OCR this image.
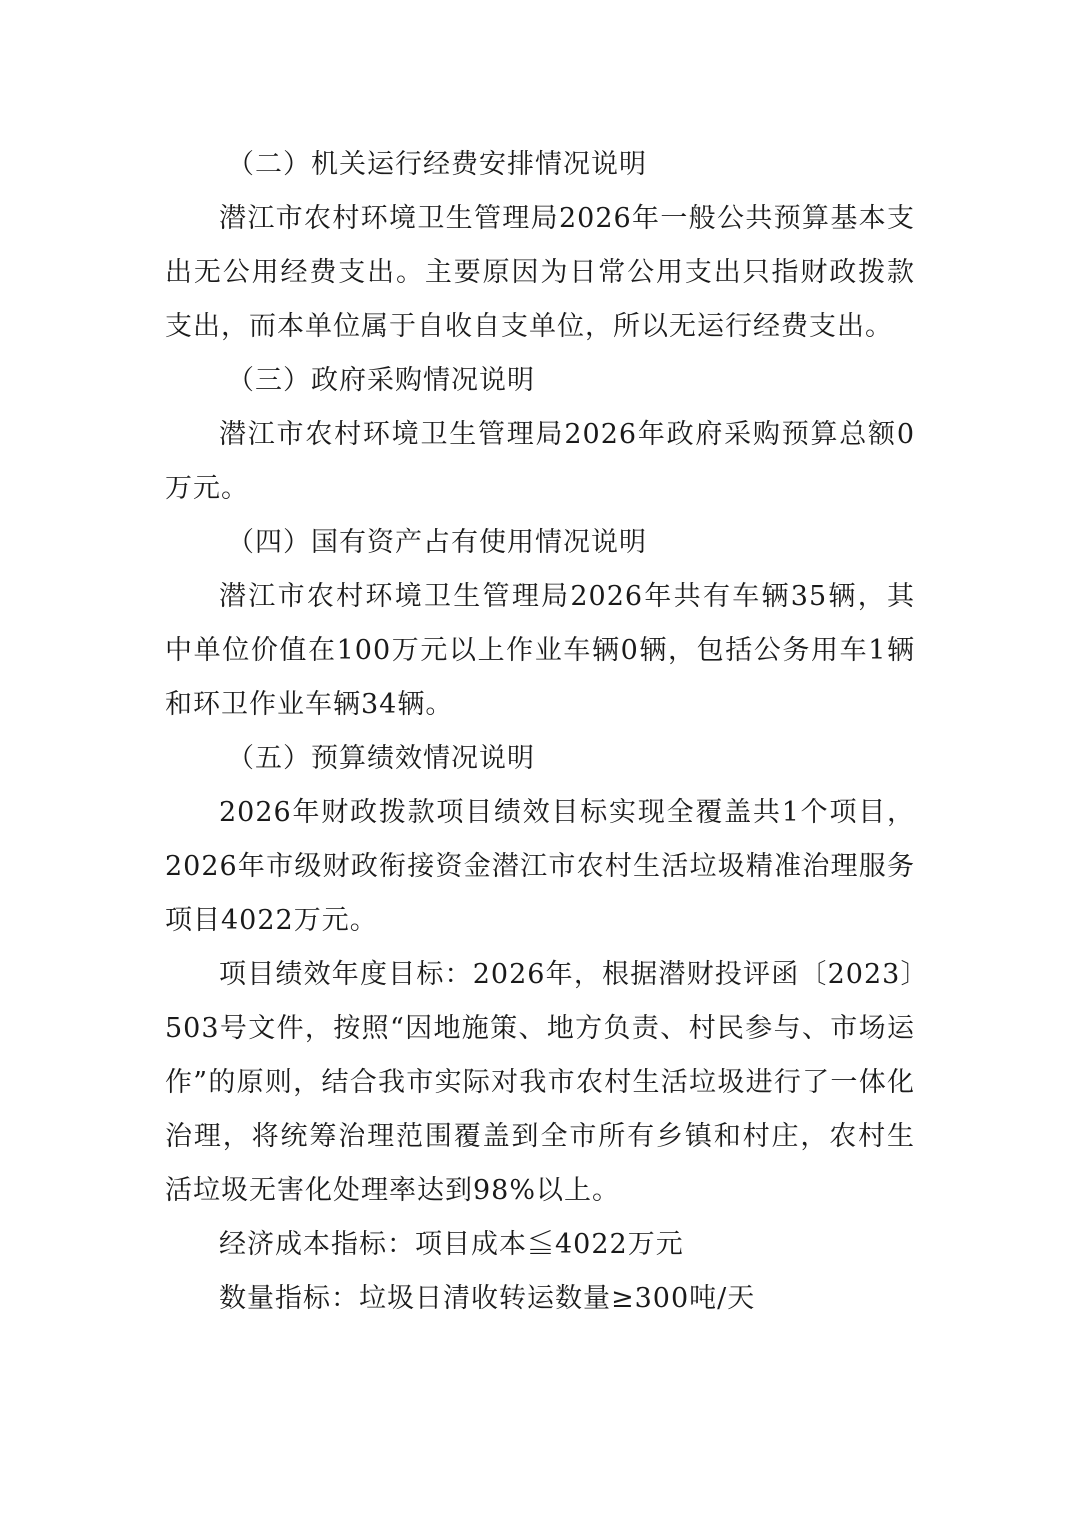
（二）机关运行经费安排情况说明

潜江市农村环境卫生管理局2026年一般公共预算基本支出无公用经费支出。主要原因为日常公用支出只指财政拨款支出，而本单位属于自收自支单位，所以无运行经费支出。

（三）政府采购情况说明

潜江市农村环境卫生管理局2026年政府采购预算总额0万元。

（四）国有资产占有使用情况说明

潜江市农村环境卫生管理局2026年共有车辆35辆，其中单位价值在100万元以上作业车辆0辆，包括公务用车1辆和环卫作业车辆34辆。

（五）预算绩效情况说明

2026年财政拨款项目绩效目标实现全覆盖共1个项目，2026年市级财政衔接资金潜江市农村生活垃圾精准治理服务项目4022万元。

项目绩效年度目标：2026年，根据潜财投评函〔2023〕503号文件，按照“因地施策、地方负责、村民参与、市场运作”的原则，结合我市实际对我市农村生活垃圾进行了一体化治理，将统筹治理范围覆盖到全市所有乡镇和村庄，农村生活垃圾无害化处理率达到98%以上。

经济成本指标：项目成本≦4022万元

数量指标：垃圾日清收转运数量≥300吨/天
